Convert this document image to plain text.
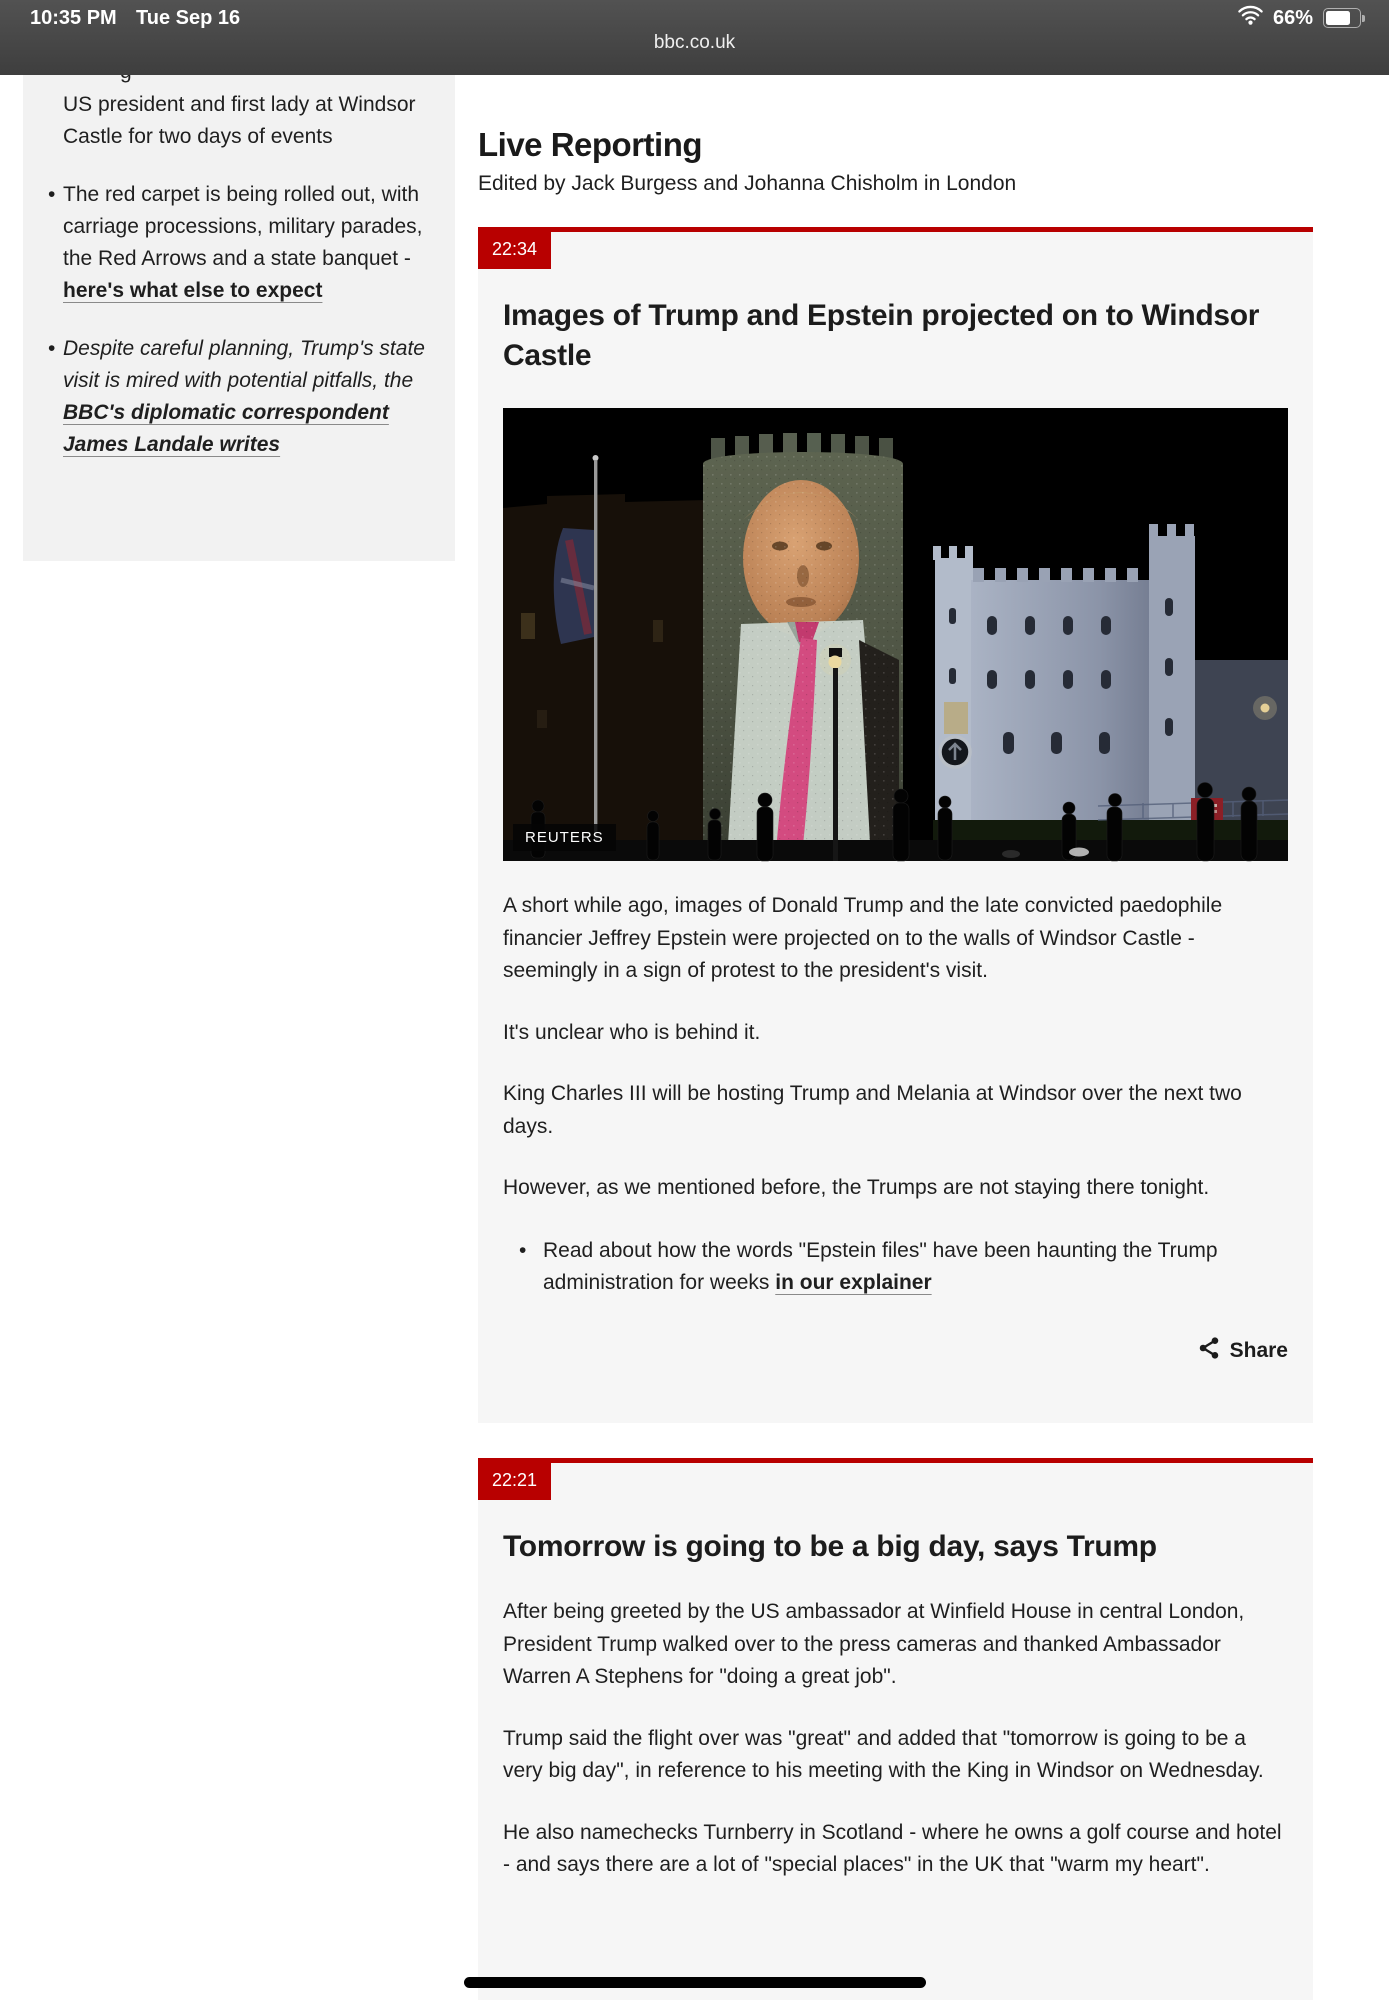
10:35 PM Tue Sep 16	66%
bbc.co.uk
US president and first lady at Windsor Castle for two days of events
• The red carpet is being rolled out, with carriage processions, military parades, the Red Arrows and a state banquet - here's what else to expect
• Despite careful planning, Trump's state visit is mired with potential pitfalls, the BBC's diplomatic correspondent James Landale writes
Live Reporting
Edited by Jack Burgess and Johanna Chisholm in London
22:34
Images of Trump and Epstein projected on to Windsor Castle
REUTERS

A short while ago, images of Donald Trump and the late convicted paedophile financier Jeffrey Epstein were projected on to the walls of Windsor Castle - seemingly in a sign of protest to the president's visit.

It's unclear who is behind it.

King Charles III will be hosting Trump and Melania at Windsor over the next two days.

However, as we mentioned before, the Trumps are not staying there tonight.

• Read about how the words "Epstein files" have been haunting the Trump administration for weeks in our explainer
Share
22:21
Tomorrow is going to be a big day, says Trump

After being greeted by the US ambassador at Winfield House in central London, President Trump walked over to the press cameras and thanked Ambassador Warren A Stephens for "doing a great job".

Trump said the flight over was "great" and added that "tomorrow is going to be a very big day", in reference to his meeting with the King in Windsor on Wednesday.

He also namechecks Turnberry in Scotland - where he owns a golf course and hotel - and says there are a lot of "special places" in the UK that "warm my heart".
